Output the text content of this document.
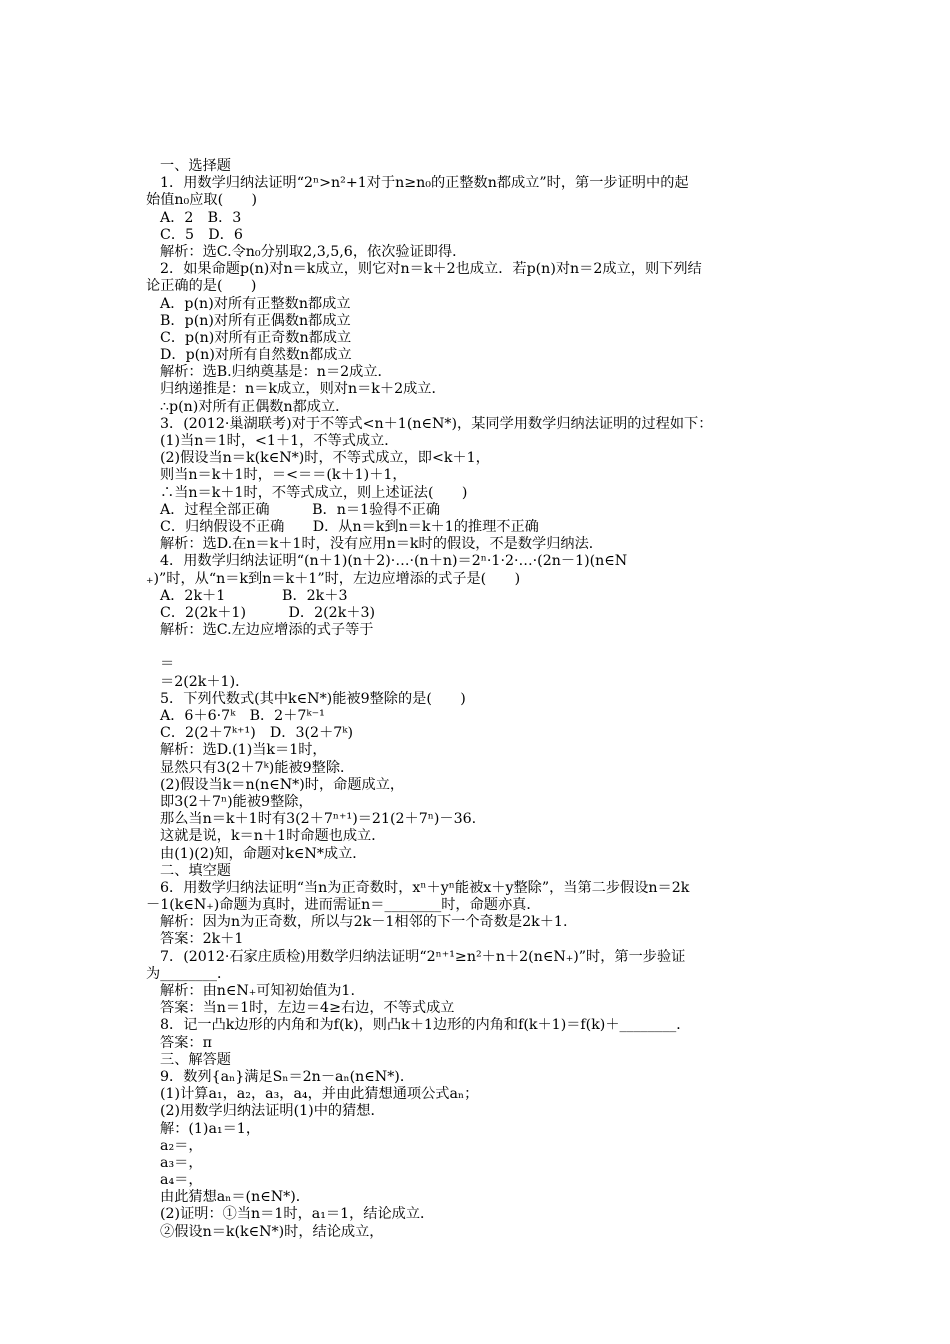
一、选择题
1．用数学归纳法证明“2ⁿ>n²+1对于n≥n₀的正整数n都成立”时，第一步证明中的起
始值n₀应取(　　)
A．2　B．3
C．5　D．6
解析：选C.令n₀分别取2,3,5,6，依次验证即得．
2．如果命题p(n)对n＝k成立，则它对n＝k＋2也成立．若p(n)对n＝2成立，则下列结
论正确的是(　　)
A．p(n)对所有正整数n都成立
B．p(n)对所有正偶数n都成立
C．p(n)对所有正奇数n都成立
D．p(n)对所有自然数n都成立
解析：选B.归纳奠基是：n＝2成立．
归纳递推是：n＝k成立，则对n＝k＋2成立．
∴p(n)对所有正偶数n都成立．
3．(2012·巢湖联考)对于不等式<n＋1(n∈N*)，某同学用数学归纳法证明的过程如下：
(1)当n＝1时，<1＋1，不等式成立．
(2)假设当n＝k(k∈N*)时，不等式成立，即<k＋1，
则当n＝k＋1时，＝<＝＝(k＋1)＋1，
∴当n＝k＋1时，不等式成立，则上述证法(　　)
A．过程全部正确　　　B．n＝1验得不正确
C．归纳假设不正确　　D．从n＝k到n＝k＋1的推理不正确
解析：选D.在n＝k＋1时，没有应用n＝k时的假设，不是数学归纳法．
4．用数学归纳法证明“(n＋1)(n＋2)·…·(n＋n)＝2ⁿ·1·2·…·(2n－1)(n∈N
₊)”时，从“n＝k到n＝k＋1”时，左边应增添的式子是(　　)
A．2k＋1　　　　B．2k＋3
C．2(2k＋1)　　　D．2(2k＋3)
解析：选C.左边应增添的式子等于
＝
＝2(2k＋1)．
5．下列代数式(其中k∈N*)能被9整除的是(　　)
A．6＋6·7ᵏ　B．2＋7ᵏ⁻¹
C．2(2＋7ᵏ⁺¹)　D．3(2＋7ᵏ)
解析：选D.(1)当k＝1时，
显然只有3(2＋7ᵏ)能被9整除．
(2)假设当k＝n(n∈N*)时，命题成立，
即3(2＋7ⁿ)能被9整除，
那么当n＝k＋1时有3(2＋7ⁿ⁺¹)＝21(2＋7ⁿ)－36.
这就是说，k＝n＋1时命题也成立．
由(1)(2)知，命题对k∈N*成立．
二、填空题
6．用数学归纳法证明“当n为正奇数时，xⁿ＋yⁿ能被x＋y整除”，当第二步假设n＝2k
－1(k∈N₊)命题为真时，进而需证n＝________时，命题亦真．
解析：因为n为正奇数，所以与2k－1相邻的下一个奇数是2k＋1.
答案：2k＋1
7．(2012·石家庄质检)用数学归纳法证明“2ⁿ⁺¹≥n²＋n＋2(n∈N₊)”时，第一步验证
为________．
解析：由n∈N₊可知初始值为1.
答案：当n＝1时，左边＝4≥右边，不等式成立
8．记一凸k边形的内角和为f(k)，则凸k＋1边形的内角和f(k＋1)＝f(k)＋________．
答案：π
三、解答题
9．数列{aₙ}满足Sₙ＝2n－aₙ(n∈N*)．
(1)计算a₁，a₂，a₃，a₄，并由此猜想通项公式aₙ；
(2)用数学归纳法证明(1)中的猜想．
解：(1)a₁＝1，
a₂＝，
a₃＝，
a₄＝，
由此猜想aₙ＝(n∈N*)．
(2)证明：①当n＝1时，a₁＝1，结论成立．
②假设n＝k(k∈N*)时，结论成立，
